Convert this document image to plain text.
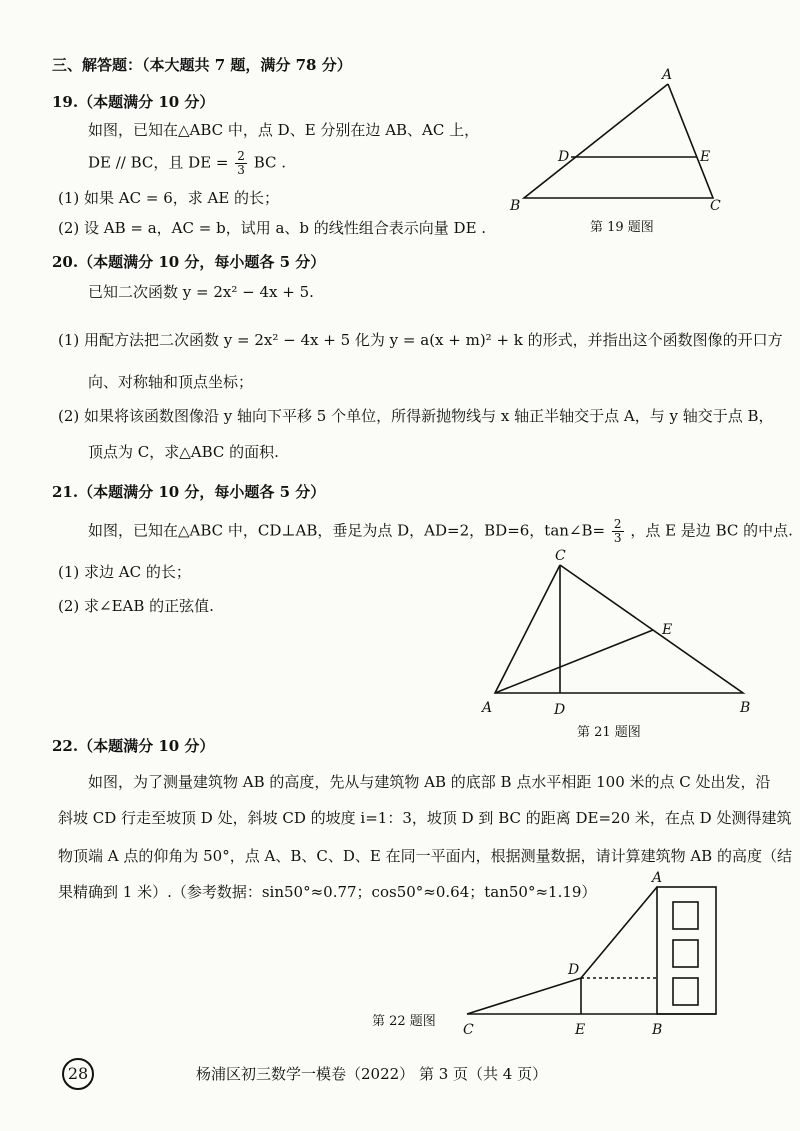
三、解答题：（本大题共 7 题，满分 78 分）
19.（本题满分 10 分）
如图，已知在△ABC 中，点 D、E 分别在边 AB、AC 上，
DE // BC，且 DE = $\frac{2}{3}$ BC .
(1) 如果 AC = 6，求 AE 的长；
(2) 设 AB = a，AC = b，试用 a、b 的线性组合表示向量 DE .	第 19 题图
20.（本题满分 10 分，每小题各 5 分）
已知二次函数 y = 2x² − 4x + 5.
(1) 用配方法把二次函数 y = 2x² − 4x + 5 化为 y = a(x + m)² + k 的形式，并指出这个函数图像的开口方
向、对称轴和顶点坐标；
(2) 如果将该函数图像沿 y 轴向下平移 5 个单位，所得新抛物线与 x 轴正半轴交于点 A，与 y 轴交于点 B，
顶点为 C，求△ABC 的面积.
21.（本题满分 10 分，每小题各 5 分）
如图，已知在△ABC 中，CD⊥AB，垂足为点 D，AD=2，BD=6，tan∠B= $\frac{2}{3}$ ，点 E 是边 BC 的中点.
(1) 求边 AC 的长；
(2) 求∠EAB 的正弦值.
第 21 题图
22.（本题满分 10 分）
如图，为了测量建筑物 AB 的高度，先从与建筑物 AB 的底部 B 点水平相距 100 米的点 C 处出发，沿
斜坡 CD 行走至坡顶 D 处，斜坡 CD 的坡度 i=1：3，坡顶 D 到 BC 的距离 DE=20 米，在点 D 处测得建筑
物顶端 A 点的仰角为 50°，点 A、B、C、D、E 在同一平面内，根据测量数据，请计算建筑物 AB 的高度（结
果精确到 1 米）.（参考数据：sin50°≈0.77；cos50°≈0.64；tan50°≈1.19）
第 22 题图
A
B	C
D	E
C
A	D	B
E
A
D
C	E	B
28	杨浦区初三数学一模卷（2022） 第 3 页（共 4 页）
